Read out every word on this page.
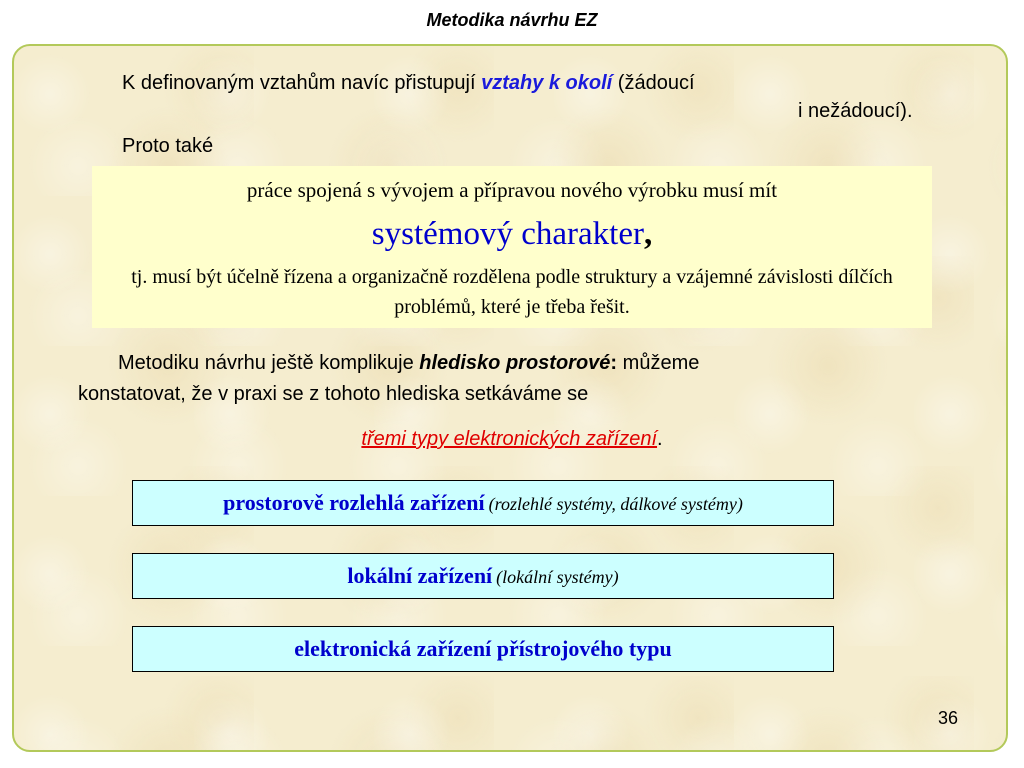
Metodika návrhu EZ
K definovaným vztahům navíc přistupují vztahy k okolí (žádoucí
i nežádoucí).
Proto také
práce spojená s vývojem a přípravou nového výrobku musí mít
systémový charakter,
tj. musí být účelně řízena a organizačně rozdělena podle struktury a vzájemné závislosti dílčích problémů, které je třeba řešit.
Metodiku návrhu ještě komplikuje hledisko prostorové: můžeme
konstatovat, že v praxi se z tohoto hlediska setkáváme se
třemi typy elektronických zařízení.
prostorově rozlehlá zařízení (rozlehlé systémy, dálkové systémy)
lokální zařízení (lokální systémy)
elektronická zařízení přístrojového typu
36
